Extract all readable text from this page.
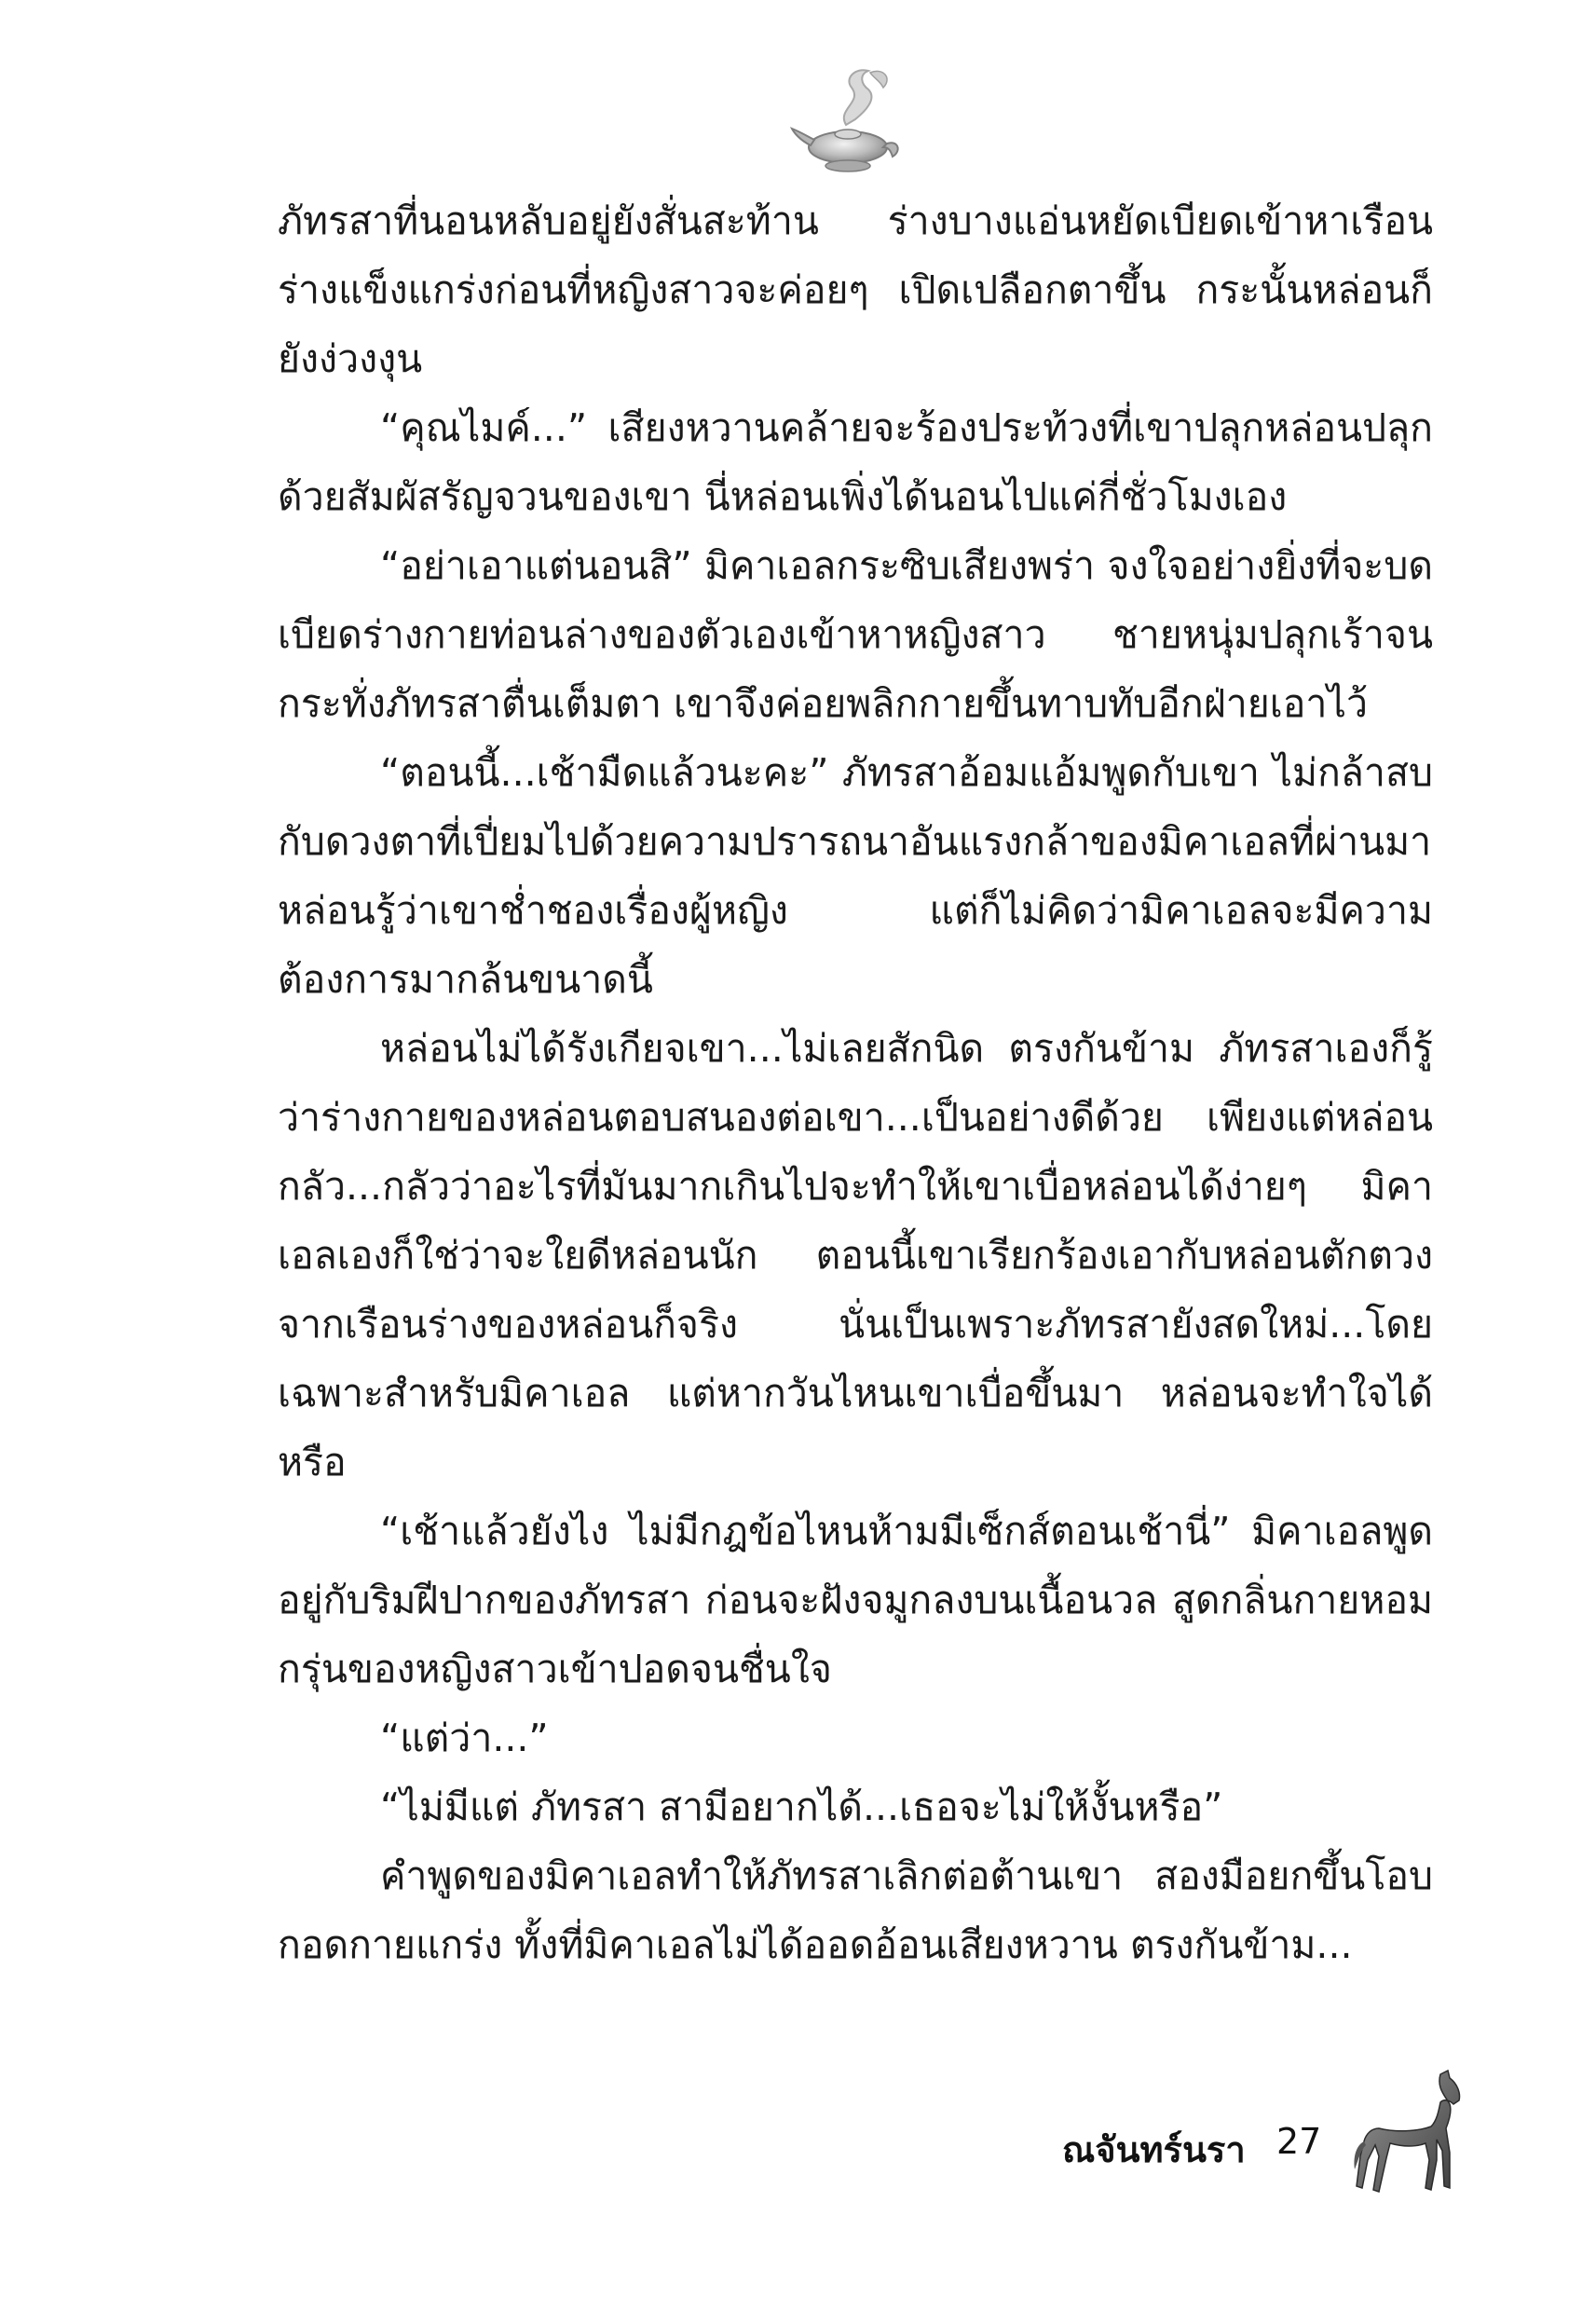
ภัทรสาที่นอนหลับอยู่ยังสั่นสะท้าน ร่างบางแอ่นหยัดเบียดเข้าหาเรือนร่างแข็งแกร่งก่อนที่หญิงสาวจะค่อยๆ เปิดเปลือกตาขึ้น กระนั้นหล่อนก็ยังง่วงงุน

“คุณไมค์...” เสียงหวานคล้ายจะร้องประท้วงที่เขาปลุกหล่อนปลุกด้วยสัมผัสรัญจวนของเขา นี่หล่อนเพิ่งได้นอนไปแค่กี่ชั่วโมงเอง

“อย่าเอาแต่นอนสิ” มิคาเอลกระซิบเสียงพร่า จงใจอย่างยิ่งที่จะบดเบียดร่างกายท่อนล่างของตัวเองเข้าหาหญิงสาว ชายหนุ่มปลุกเร้าจนกระทั่งภัทรสาตื่นเต็มตา เขาจึงค่อยพลิกกายขึ้นทาบทับอีกฝ่ายเอาไว้

“ตอนนี้...เช้ามืดแล้วนะคะ” ภัทรสาอ้อมแอ้มพูดกับเขา ไม่กล้าสบกับดวงตาที่เปี่ยมไปด้วยความปรารถนาอันแรงกล้าของมิคาเอลที่ผ่านมาหล่อนรู้ว่าเขาช่ำชองเรื่องผู้หญิง แต่ก็ไม่คิดว่ามิคาเอลจะมีความต้องการมากล้นขนาดนี้

หล่อนไม่ได้รังเกียจเขา...ไม่เลยสักนิด ตรงกันข้าม ภัทรสาเองก็รู้ว่าร่างกายของหล่อนตอบสนองต่อเขา...เป็นอย่างดีด้วย เพียงแต่หล่อนกลัว...กลัวว่าอะไรที่มันมากเกินไปจะทำให้เขาเบื่อหล่อนได้ง่ายๆ มิคาเอลเองก็ใช่ว่าจะใยดีหล่อนนัก ตอนนี้เขาเรียกร้องเอากับหล่อนตักตวงจากเรือนร่างของหล่อนก็จริง นั่นเป็นเพราะภัทรสายังสดใหม่...โดยเฉพาะสำหรับมิคาเอล แต่หากวันไหนเขาเบื่อขึ้นมา หล่อนจะทำใจได้หรือ

“เช้าแล้วยังไง ไม่มีกฎข้อไหนห้ามมีเซ็กส์ตอนเช้านี่” มิคาเอลพูดอยู่กับริมฝีปากของภัทรสา ก่อนจะฝังจมูกลงบนเนื้อนวล สูดกลิ่นกายหอมกรุ่นของหญิงสาวเข้าปอดจนชื่นใจ

“แต่ว่า...”

“ไม่มีแต่ ภัทรสา สามีอยากได้...เธอจะไม่ให้งั้นหรือ”

คำพูดของมิคาเอลทำให้ภัทรสาเลิกต่อต้านเขา สองมือยกขึ้นโอบกอดกายแกร่ง ทั้งที่มิคาเอลไม่ได้ออดอ้อนเสียงหวาน ตรงกันข้าม...

ณจันทร์นรา 27
